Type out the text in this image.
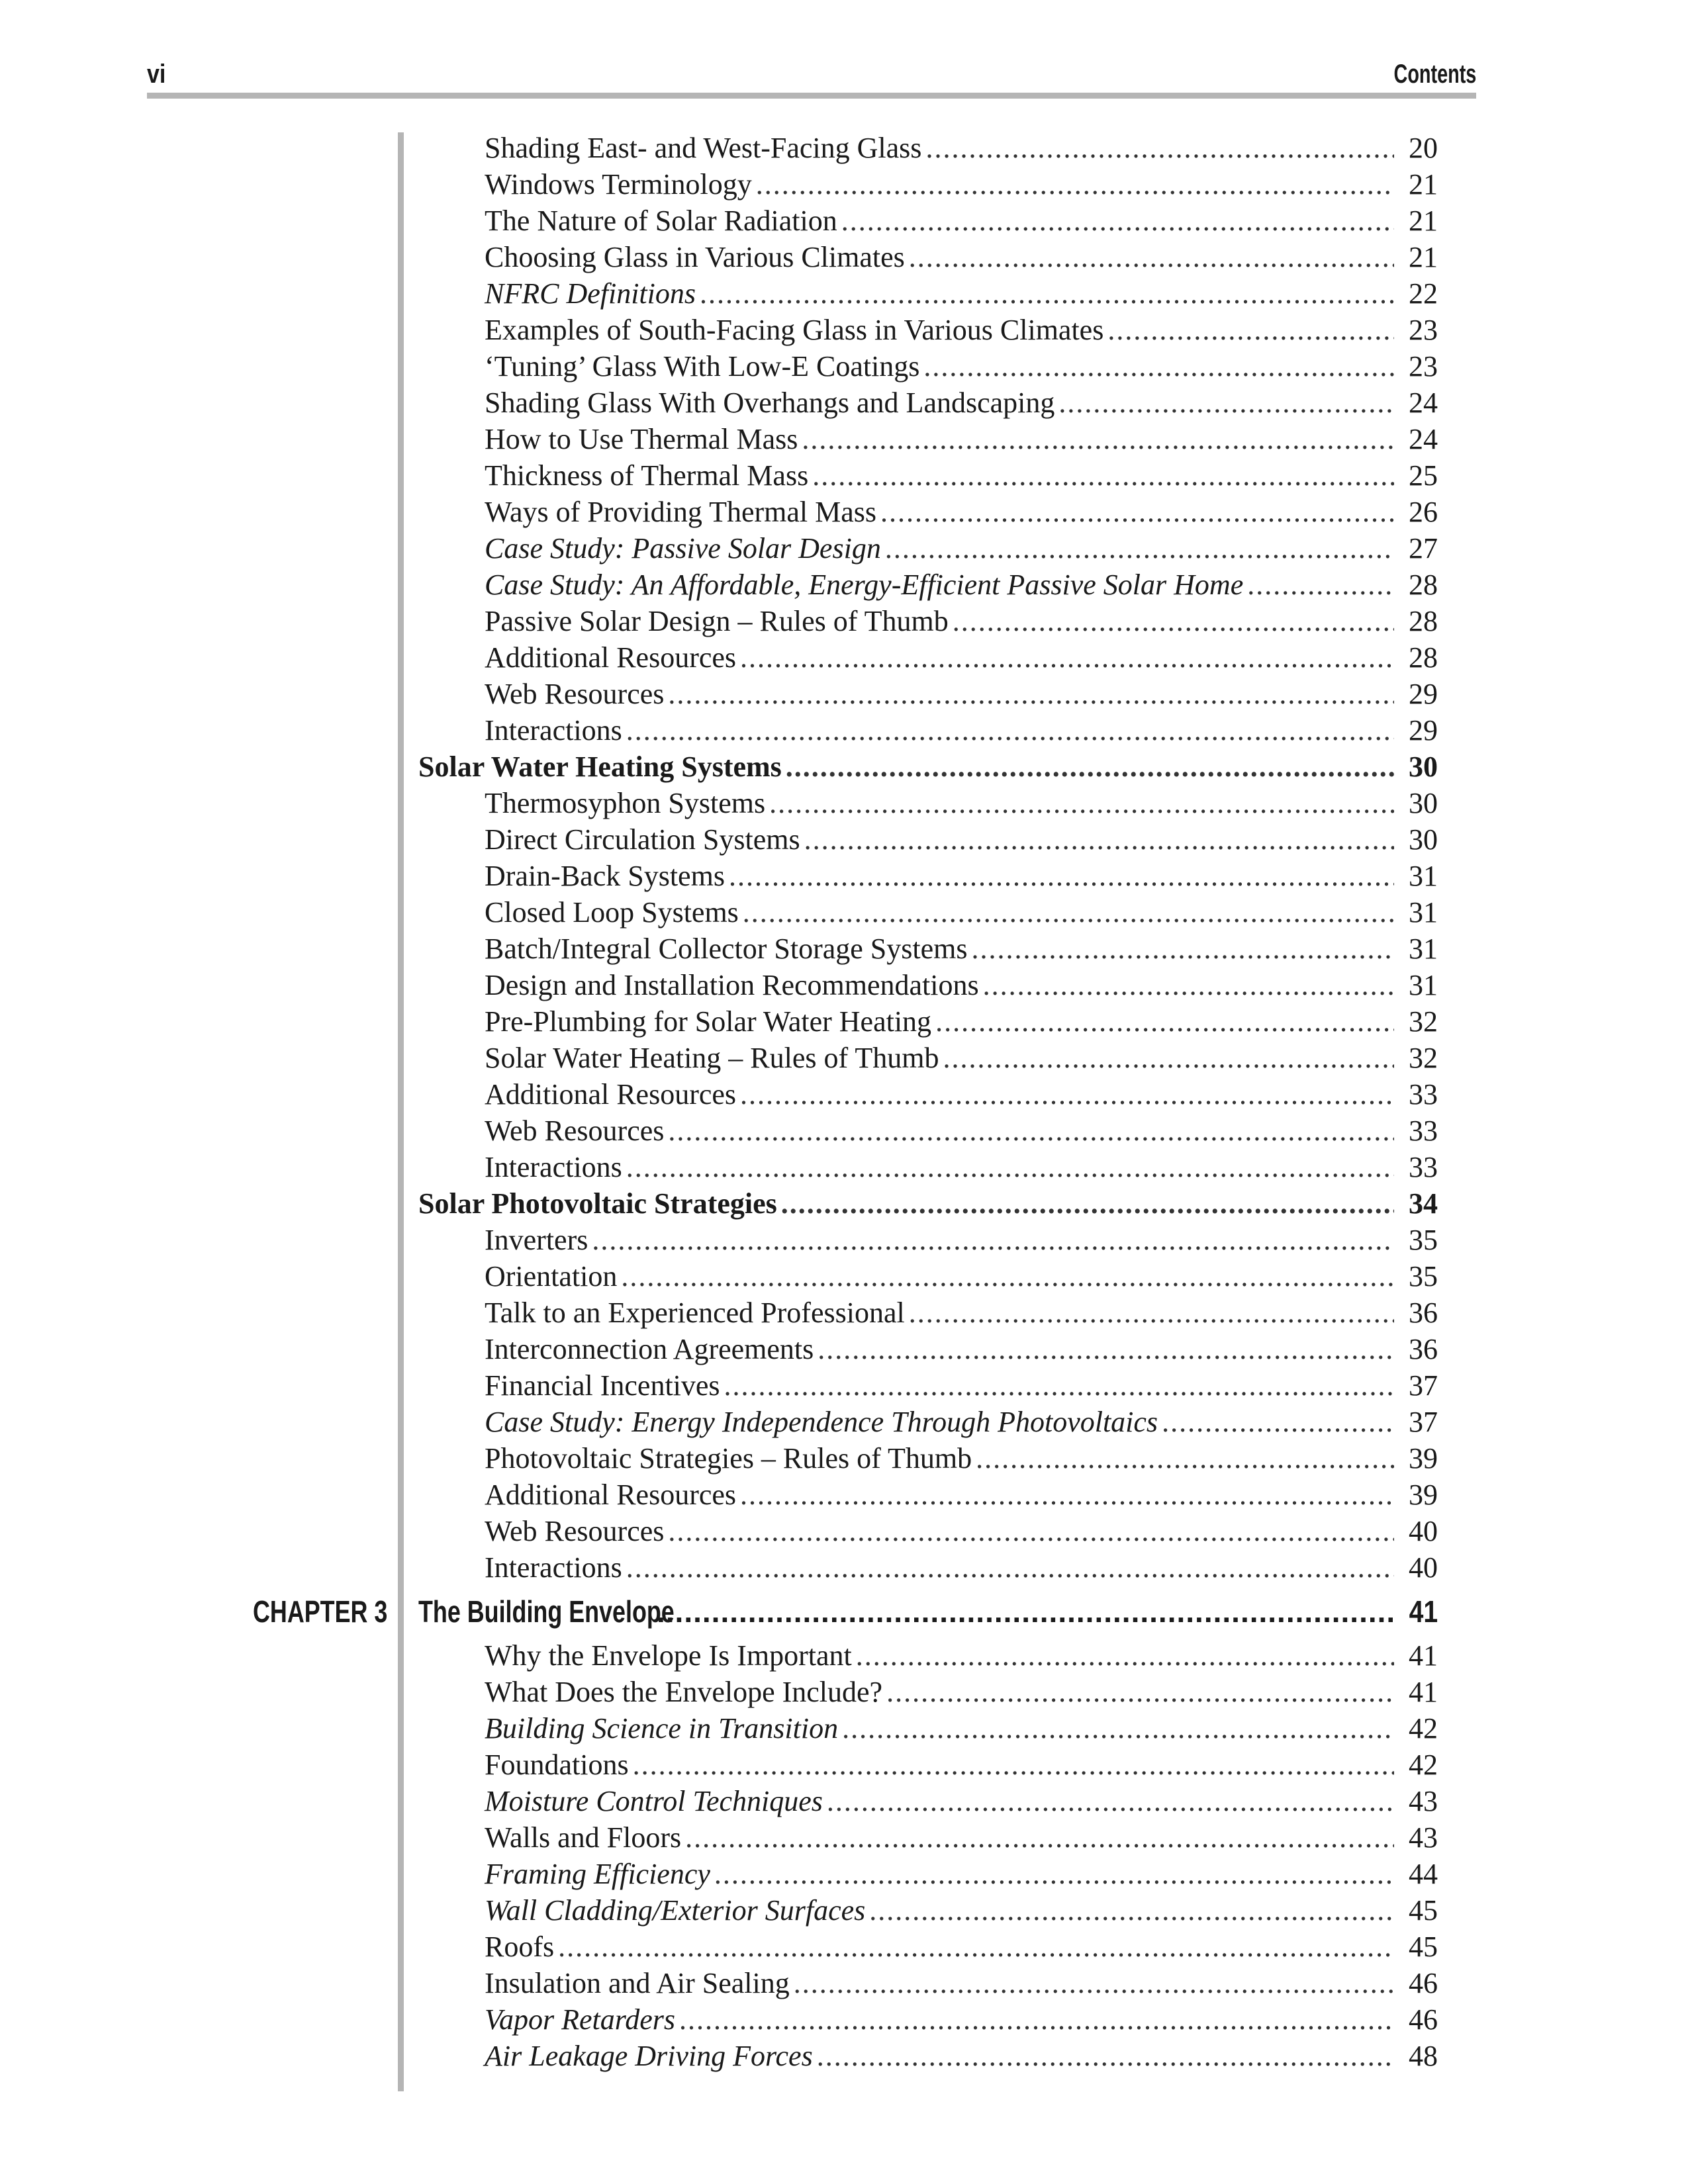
vi	Contents
Shading East- and West-Facing Glass .....	20
Windows Terminology .....	21
The Nature of Solar Radiation .....	21
Choosing Glass in Various Climates .....	21
NFRC Definitions .....	22
Examples of South-Facing Glass in Various Climates .....	23
‘Tuning’ Glass With Low-E Coatings .....	23
Shading Glass With Overhangs and Landscaping .....	24
How to Use Thermal Mass .....	24
Thickness of Thermal Mass .....	25
Ways of Providing Thermal Mass .....	26
Case Study: Passive Solar Design .....	27
Case Study: An Affordable, Energy-Efficient Passive Solar Home .....	28
Passive Solar Design – Rules of Thumb .....	28
Additional Resources .....	28
Web Resources .....	29
Interactions .....	29
Solar Water Heating Systems .....	30
Thermosyphon Systems .....	30
Direct Circulation Systems .....	30
Drain-Back Systems .....	31
Closed Loop Systems .....	31
Batch/Integral Collector Storage Systems .....	31
Design and Installation Recommendations .....	31
Pre-Plumbing for Solar Water Heating .....	32
Solar Water Heating – Rules of Thumb .....	32
Additional Resources .....	33
Web Resources .....	33
Interactions .....	33
Solar Photovoltaic Strategies .....	34
Inverters .....	35
Orientation .....	35
Talk to an Experienced Professional .....	36
Interconnection Agreements .....	36
Financial Incentives .....	37
Case Study: Energy Independence Through Photovoltaics .....	37
Photovoltaic Strategies – Rules of Thumb .....	39
Additional Resources .....	39
Web Resources .....	40
Interactions .....	40
CHAPTER 3 The Building Envelope .....	41
Why the Envelope Is Important .....	41
What Does the Envelope Include? .....	41
Building Science in Transition .....	42
Foundations .....	42
Moisture Control Techniques .....	43
Walls and Floors .....	43
Framing Efficiency .....	44
Wall Cladding/Exterior Surfaces .....	45
Roofs .....	45
Insulation and Air Sealing .....	46
Vapor Retarders .....	46
Air Leakage Driving Forces .....	48
